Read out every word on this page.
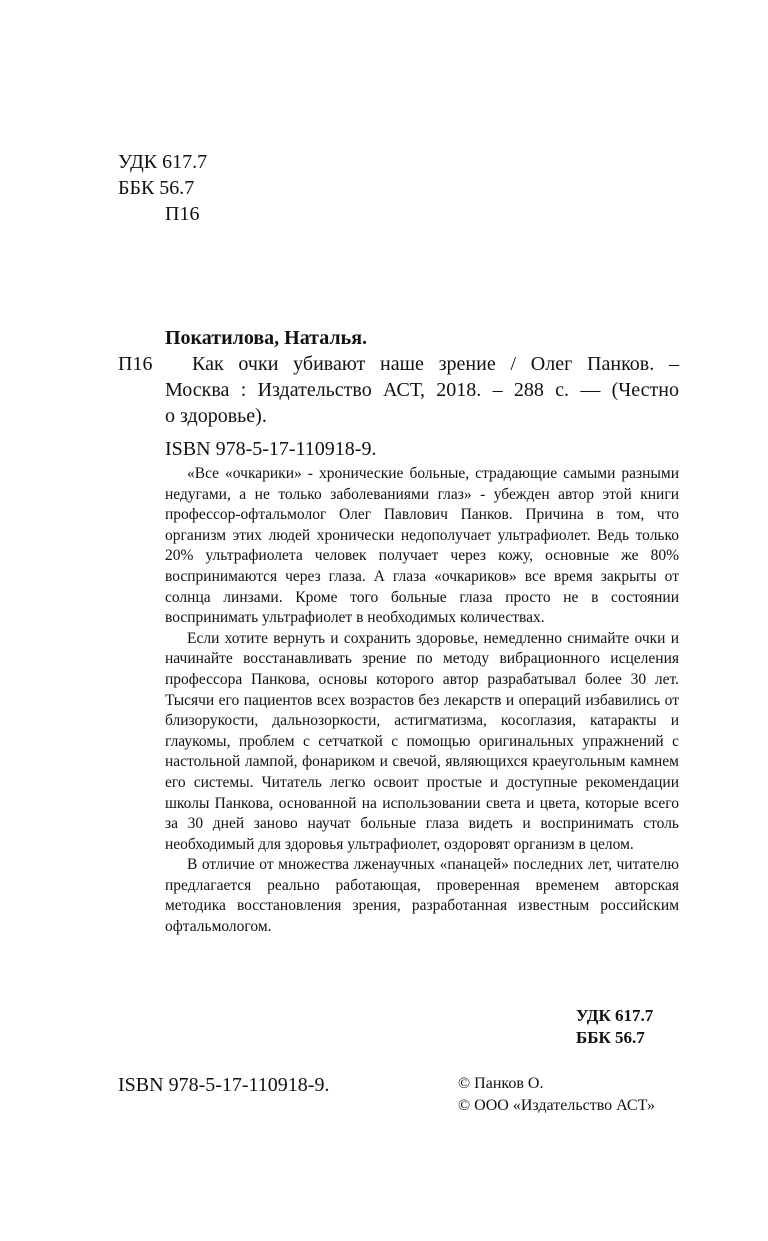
УДК 617.7
ББК 56.7
П16
Покатилова, Наталья.
П16 Как очки убивают наше зрение / Олег Панков. –
Москва : Издательство АСТ, 2018. – 288 с. — (Честно
о здоровье).
ISBN 978-5-17-110918-9.

«Все «очкарики» - хронические больные, страдающие самыми разными недугами, а не только заболеваниями глаз» - убежден автор этой книги профессор-офтальмолог Олег Павлович Панков. Причина в том, что организм этих людей хронически недополучает ультрафиолет. Ведь только 20% ультрафиолета человек получает через кожу, основные же 80% воспринимаются через глаза. А глаза «очкариков» все время закрыты от солнца линзами. Кроме того больные глаза просто не в состоянии воспринимать ультрафиолет в необходимых количествах.

Если хотите вернуть и сохранить здоровье, немедленно снимайте очки и начинайте восстанавливать зрение по методу вибрационного исцеления профессора Панкова, основы которого автор разрабатывал более 30 лет. Тысячи его пациентов всех возрастов без лекарств и операций избавились от близорукости, дальнозоркости, астигматизма, косоглазия, катаракты и глаукомы, проблем с сетчаткой с помощью оригинальных упражнений с настольной лампой, фонариком и свечой, являющихся краеугольным камнем его системы. Читатель легко освоит простые и доступные рекомендации школы Панкова, основанной на использовании света и цвета, которые всего за 30 дней заново научат больные глаза видеть и воспринимать столь необходимый для здоровья ультрафиолет, оздоровят организм в целом.

В отличие от множества лженаучных «панацей» последних лет, читателю предлагается реально работающая, проверенная временем авторская методика восстановления зрения, разработанная известным российским офтальмологом.

УДК 617.7
ББК 56.7
ISBN 978-5-17-110918-9.	© Панков О.
© ООО «Издательство АСТ»
